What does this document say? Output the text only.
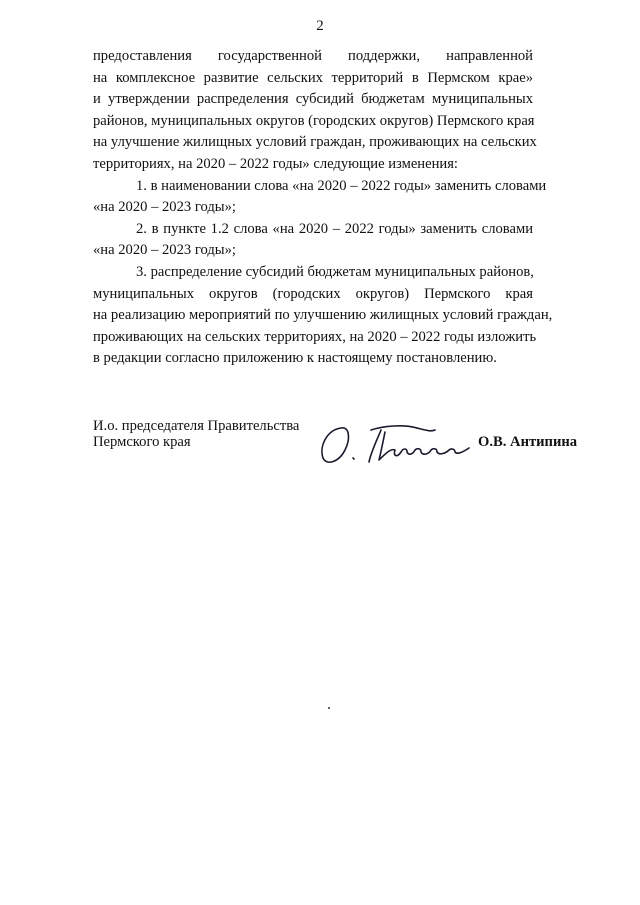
2
предоставления государственной поддержки, направленной
на комплексное развитие сельских территорий в Пермском крае»
и утверждении распределения субсидий бюджетам муниципальных
районов, муниципальных округов (городских округов) Пермского края
на улучшение жилищных условий граждан, проживающих на сельских
территориях, на 2020 – 2022 годы» следующие изменения:
1. в наименовании слова «на 2020 – 2022 годы» заменить словами
«на 2020 – 2023 годы»;
2. в пункте 1.2 слова «на 2020 – 2022 годы» заменить словами
«на 2020 – 2023 годы»;
3. распределение субсидий бюджетам муниципальных районов,
муниципальных округов (городских округов) Пермского края
на реализацию мероприятий по улучшению жилищных условий граждан,
проживающих на сельских территориях, на 2020 – 2022 годы изложить
в редакции согласно приложению к настоящему постановлению.
И.о. председателя Правительства
Пермского края	О.В. Антипина
